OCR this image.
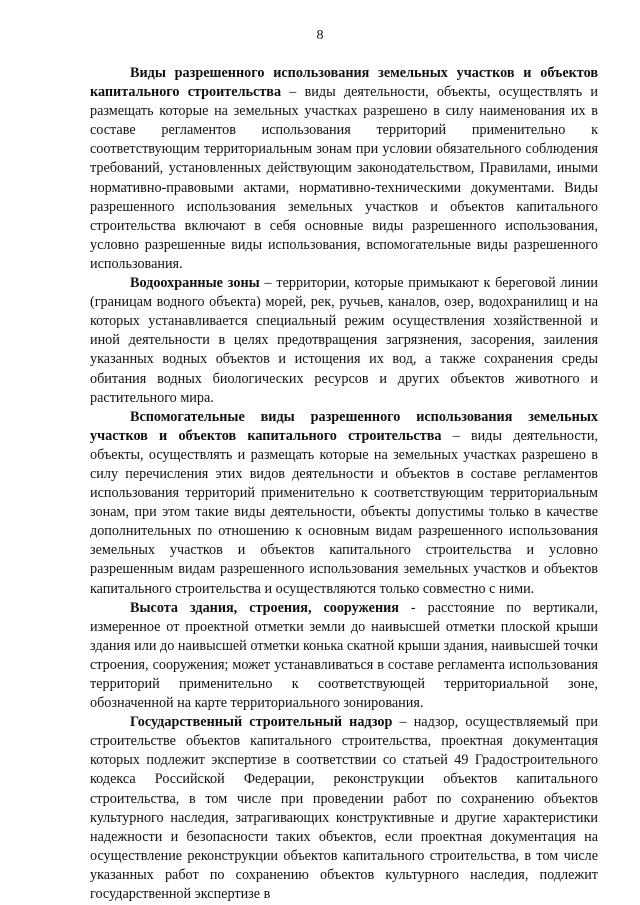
8

Виды разрешенного использования земельных участков и объектов капитального строительства – виды деятельности, объекты, осуществлять и размещать которые на земельных участках разрешено в силу наименования их в составе регламентов использования территорий применительно к соответствующим территориальным зонам при условии обязательного соблюдения требований, установленных действующим законодательством, Правилами, иными нормативно-правовыми актами, нормативно-техническими документами. Виды разрешенного использования земельных участков и объектов капитального строительства включают в себя основные виды разрешенного использования, условно разрешенные виды использования, вспомогательные виды разрешенного использования.

Водоохранные зоны – территории, которые примыкают к береговой линии (границам водного объекта) морей, рек, ручьев, каналов, озер, водохранилищ и на которых устанавливается специальный режим осуществления хозяйственной и иной деятельности в целях предотвращения загрязнения, засорения, заиления указанных водных объектов и истощения их вод, а также сохранения среды обитания водных биологических ресурсов и других объектов животного и растительного мира.

Вспомогательные виды разрешенного использования земельных участков и объектов капитального строительства – виды деятельности, объекты, осуществлять и размещать которые на земельных участках разрешено в силу перечисления этих видов деятельности и объектов в составе регламентов использования территорий применительно к соответствующим территориальным зонам, при этом такие виды деятельности, объекты допустимы только в качестве дополнительных по отношению к основным видам разрешенного использования земельных участков и объектов капитального строительства и условно разрешенным видам разрешенного использования земельных участков и объектов капитального строительства и осуществляются только совместно с ними.

Высота здания, строения, сооружения - расстояние по вертикали, измеренное от проектной отметки земли до наивысшей отметки плоской крыши здания или до наивысшей отметки конька скатной крыши здания, наивысшей точки строения, сооружения; может устанавливаться в составе регламента использования территорий применительно к соответствующей территориальной зоне, обозначенной на карте территориального зонирования.

Государственный строительный надзор – надзор, осуществляемый при строительстве объектов капитального строительства, проектная документация которых подлежит экспертизе в соответствии со статьей 49 Градостроительного кодекса Российской Федерации, реконструкции объектов капитального строительства, в том числе при проведении работ по сохранению объектов культурного наследия, затрагивающих конструктивные и другие характеристики надежности и безопасности таких объектов, если проектная документация на осуществление реконструкции объектов капитального строительства, в том числе указанных работ по сохранению объектов культурного наследия, подлежит государственной экспертизе в
